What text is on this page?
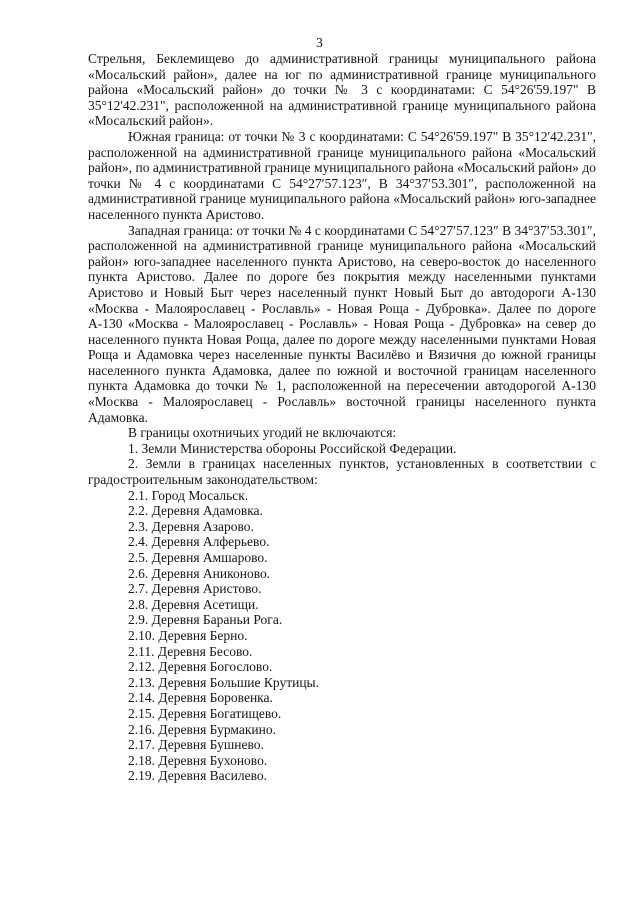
3

Стрельня, Беклемищево до административной границы муниципального района «Мосальский район», далее на юг по административной границе муниципального района «Мосальский район» до точки № 3 с координатами: С 54°26'59.197" В 35°12'42.231", расположенной на административной границе муниципального района «Мосальский район».

Южная граница: от точки № 3 с координатами: С 54°26'59.197" В 35°12'42.231", расположенной на административной границе муниципального района «Мосальский район», по административной границе муниципального района «Мосальский район» до точки № 4 с координатами С 54°27′57.123″, В 34°37′53.301″, расположенной на административной границе муниципального района «Мосальский район» юго-западнее населенного пункта Аристово.

Западная граница: от точки № 4 с координатами С 54°27′57.123″ В 34°37′53.301″, расположенной на административной границе муниципального района «Мосальский район» юго-западнее населенного пункта Аристово, на северо-восток до населенного пункта Аристово. Далее по дороге без покрытия между населенными пунктами Аристово и Новый Быт через населенный пункт Новый Быт до автодороги А-130 «Москва - Малоярославец - Рославль» - Новая Роща - Дубровка». Далее по дороге А-130 «Москва - Малоярославец - Рославль» - Новая Роща - Дубровка» на север до населенного пункта Новая Роща, далее по дороге между населенными пунктами Новая Роща и Адамовка через населенные пункты Василёво и Вязичня до южной границы населенного пункта Адамовка, далее по южной и восточной границам населенного пункта Адамовка до точки № 1, расположенной на пересечении автодорогой А-130 «Москва - Малоярославец - Рославль» восточной границы населенного пункта Адамовка.

В границы охотничьих угодий не включаются:

1. Земли Министерства обороны Российской Федерации.

2. Земли в границах населенных пунктов, установленных в соответствии с градостроительным законодательством:

2.1. Город Мосальск.
2.2. Деревня Адамовка.
2.3. Деревня Азарово.
2.4. Деревня Алферьево.
2.5. Деревня Амшарово.
2.6. Деревня Аниконово.
2.7. Деревня Аристово.
2.8. Деревня Асетищи.
2.9. Деревня Бараньи Рога.
2.10. Деревня Берно.
2.11. Деревня Бесово.
2.12. Деревня Богослово.
2.13. Деревня Большие Крутицы.
2.14. Деревня Боровенка.
2.15. Деревня Богатищево.
2.16. Деревня Бурмакино.
2.17. Деревня Бушнево.
2.18. Деревня Бухоново.
2.19. Деревня Василево.
